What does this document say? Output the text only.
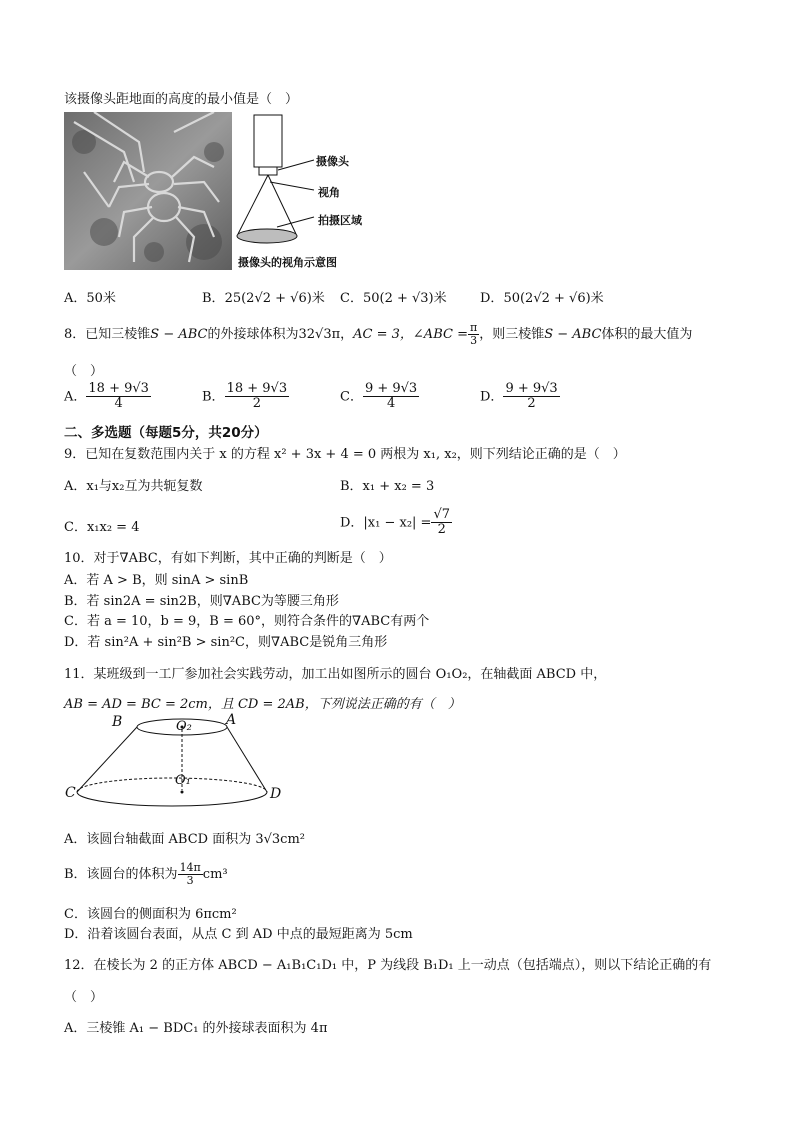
该摄像头距地面的高度的最小值是（　）
摄像头
视角
拍摄区域
摄像头的视角示意图
A．50米	B．25(2√2 + √6)米 C．50(2 + √3)米	D．50(2√2 + √6)米
8．已知三棱锥S − ABC的外接球体积为32√3π，AC = 3，∠ABC = $\frac{\pi}{3}$ ，则三棱锥S − ABC体积的最大值为
（　）
A． $\frac{18 + 9√3}{4}$	B． $\frac{18 + 9√3}{2}$	C． $\frac{9 + 9√3}{4}$	D． $\frac{9 + 9√3}{2}$
二、多选题（每题5分，共20分）
9．已知在复数范围内关于 x 的方程 x² + 3x + 4 = 0 两根为 x₁, x₂，则下列结论正确的是（　）
A．x₁与x₂互为共轭复数	B．x₁ + x₂ = 3
C．x₁x₂ = 4	D．$|x_1 - x_2| = \frac{√7}{2}$
10．对于∇ABC，有如下判断，其中正确的判断是（　）
A．若 A > B，则 sinA > sinB
B．若 sin2A = sin2B，则∇ABC为等腰三角形
C．若 a = 10，b = 9，B = 60°，则符合条件的∇ABC有两个
D．若 sin²A + sin²B > sin²C，则∇ABC是锐角三角形
11．某班级到一工厂参加社会实践劳动，加工出如图所示的圆台 O₁O₂，在轴截面 ABCD 中，
AB = AD = BC = 2cm，且 CD = 2AB，下列说法正确的有（　）
B	A
O₂
O₁
C	D
A．该圆台轴截面 ABCD 面积为 3√3cm²
B．该圆台的体积为 $\frac{14\pi}{3} cm^3$
C．该圆台的侧面积为 6πcm²
D．沿着该圆台表面，从点 C 到 AD 中点的最短距离为 5cm
12．在棱长为 2 的正方体 ABCD − A₁B₁C₁D₁ 中，P 为线段 B₁D₁ 上一动点（包括端点），则以下结论正确的有
（　）
A．三棱锥 A₁ − BDC₁ 的外接球表面积为 4π
